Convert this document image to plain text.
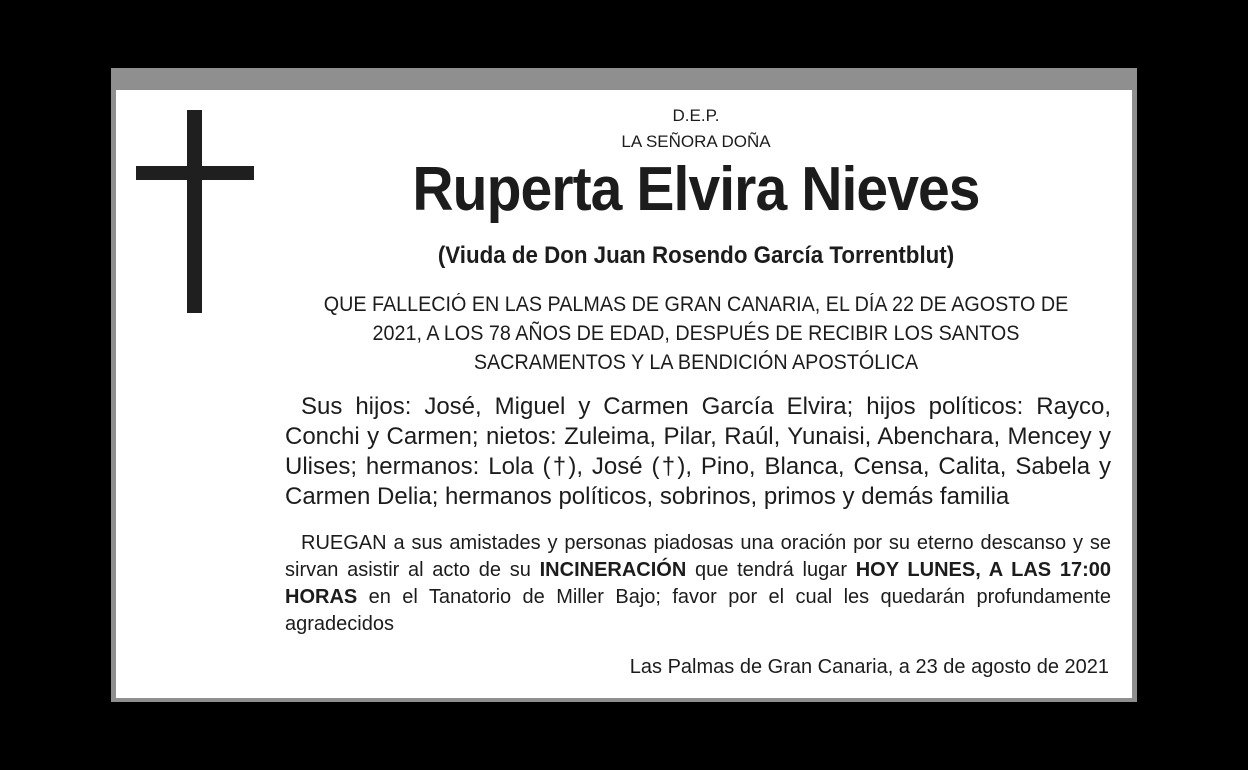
D.E.P.

LA SEÑORA DOÑA

Ruperta Elvira Nieves

(Viuda de Don Juan Rosendo García Torrentblut)

QUE FALLECIÓ EN LAS PALMAS DE GRAN CANARIA, EL DÍA 22 DE AGOSTO DE 2021, A LOS 78 AÑOS DE EDAD, DESPUÉS DE RECIBIR LOS SANTOS SACRAMENTOS Y LA BENDICIÓN APOSTÓLICA

Sus hijos: José, Miguel y Carmen García Elvira; hijos políticos: Rayco, Conchi y Carmen; nietos: Zuleima, Pilar, Raúl, Yunaisi, Abenchara, Mencey y Ulises; hermanos: Lola (†), José (†), Pino, Blanca, Censa, Calita, Sabela y Carmen Delia; hermanos políticos, sobrinos, primos y demás familia

RUEGAN a sus amistades y personas piadosas una oración por su eterno descanso y se sirvan asistir al acto de su INCINERACIÓN que tendrá lugar HOY LUNES, A LAS 17:00 HORAS en el Tanatorio de Miller Bajo; favor por el cual les quedarán profundamente agradecidos

Las Palmas de Gran Canaria, a 23 de agosto de 2021
